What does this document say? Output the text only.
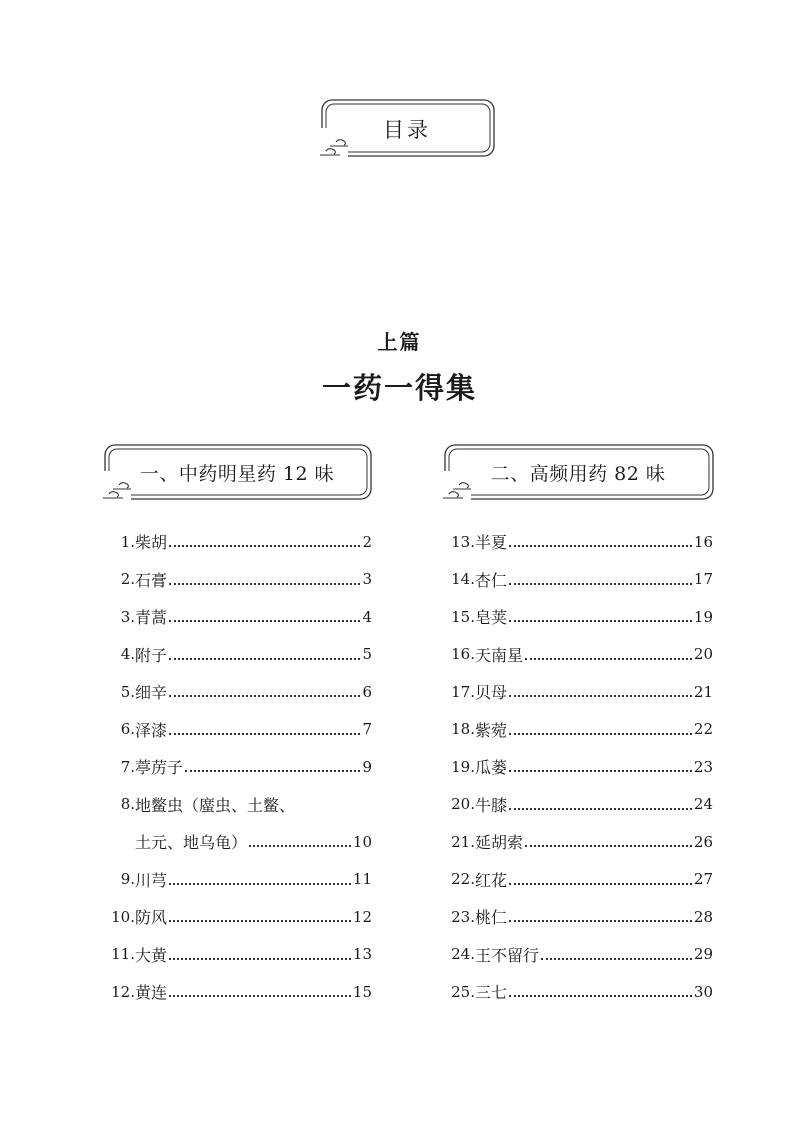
目录
上篇
一药一得集
一、中药明星药 12 味	二、高频用药 82 味
1. 柴胡	2
2. 石膏	3
3. 青蒿	4
4. 附子	5
5. 细辛	6
6. 泽漆	7
7. 葶苈子	9
8. 地鳖虫（䗪虫、土鳖、
土元、地乌龟）	10
9. 川芎	11
10. 防风	12
11. 大黄	13
12. 黄连	15
13. 半夏	16
14. 杏仁	17
15. 皂荚	19
16. 天南星	20
17. 贝母	21
18. 紫菀	22
19. 瓜蒌	23
20. 牛膝	24
21. 延胡索	26
22. 红花	27
23. 桃仁	28
24. 王不留行	29
25. 三七	30
